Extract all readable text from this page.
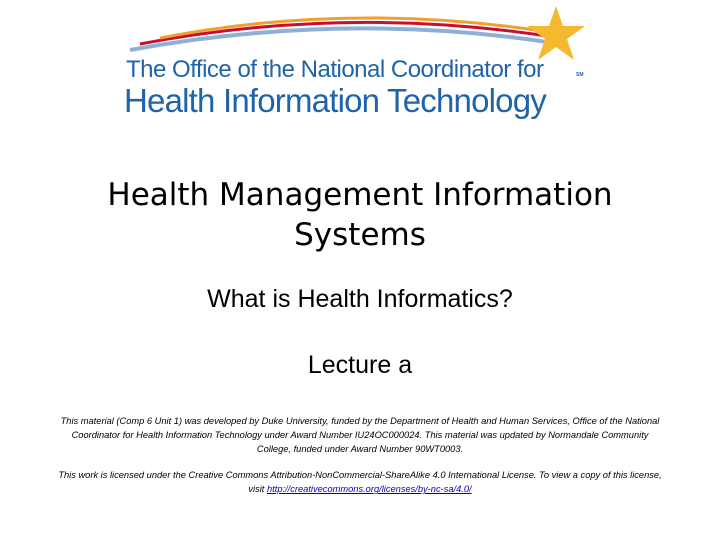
The Office of the National Coordinator for
Health Information Technology
SM
Health Management Information Systems

What is Health Informatics?

Lecture a

This material (Comp 6 Unit 1) was developed by Duke University, funded by the Department of Health and Human Services, Office of the National Coordinator for Health Information Technology under Award Number IU24OC000024. This material was updated by Normandale Community College, funded under Award Number 90WT0003.

This work is licensed under the Creative Commons Attribution-NonCommercial-ShareAlike 4.0 International License. To view a copy of this license, visit http://creativecommons.org/licenses/by-nc-sa/4.0/
